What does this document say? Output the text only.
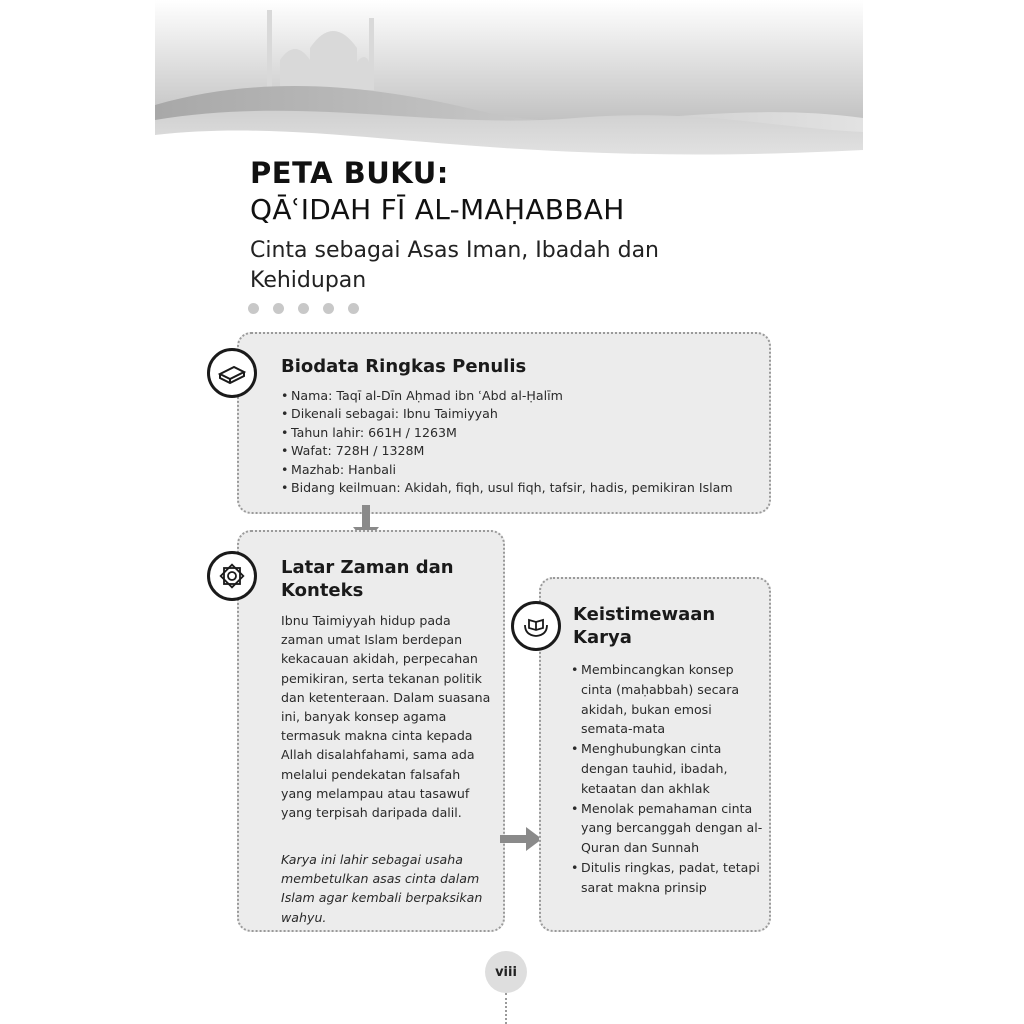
PETA BUKU:
QĀʿIDAH FĪ AL-MAḤABBAH
Cinta sebagai Asas Iman, Ibadah dan Kehidupan
Biodata Ringkas Penulis
• Nama: Taqī al-Dīn Aḥmad ibn ʿAbd al-Ḥalīm
• Dikenali sebagai: Ibnu Taimiyyah
• Tahun lahir: 661H / 1263M
• Wafat: 728H / 1328M
• Mazhab: Hanbali
• Bidang keilmuan: Akidah, fiqh, usul fiqh, tafsir, hadis, pemikiran Islam
Latar Zaman dan Konteks
Ibnu Taimiyyah hidup pada zaman umat Islam berdepan kekacauan akidah, perpecahan pemikiran, serta tekanan politik dan ketenteraan. Dalam suasana ini, banyak konsep agama termasuk makna cinta kepada Allah disalahfahami, sama ada melalui pendekatan falsafah yang melampau atau tasawuf yang terpisah daripada dalil.
Karya ini lahir sebagai usaha membetulkan asas cinta dalam Islam agar kembali berpaksikan wahyu.
Keistimewaan Karya
• Membincangkan konsep cinta (maḥabbah) secara akidah, bukan emosi semata-mata
• Menghubungkan cinta dengan tauhid, ibadah, ketaatan dan akhlak
• Menolak pemahaman cinta yang bercanggah dengan al-Quran dan Sunnah
• Ditulis ringkas, padat, tetapi sarat makna prinsip
viii
